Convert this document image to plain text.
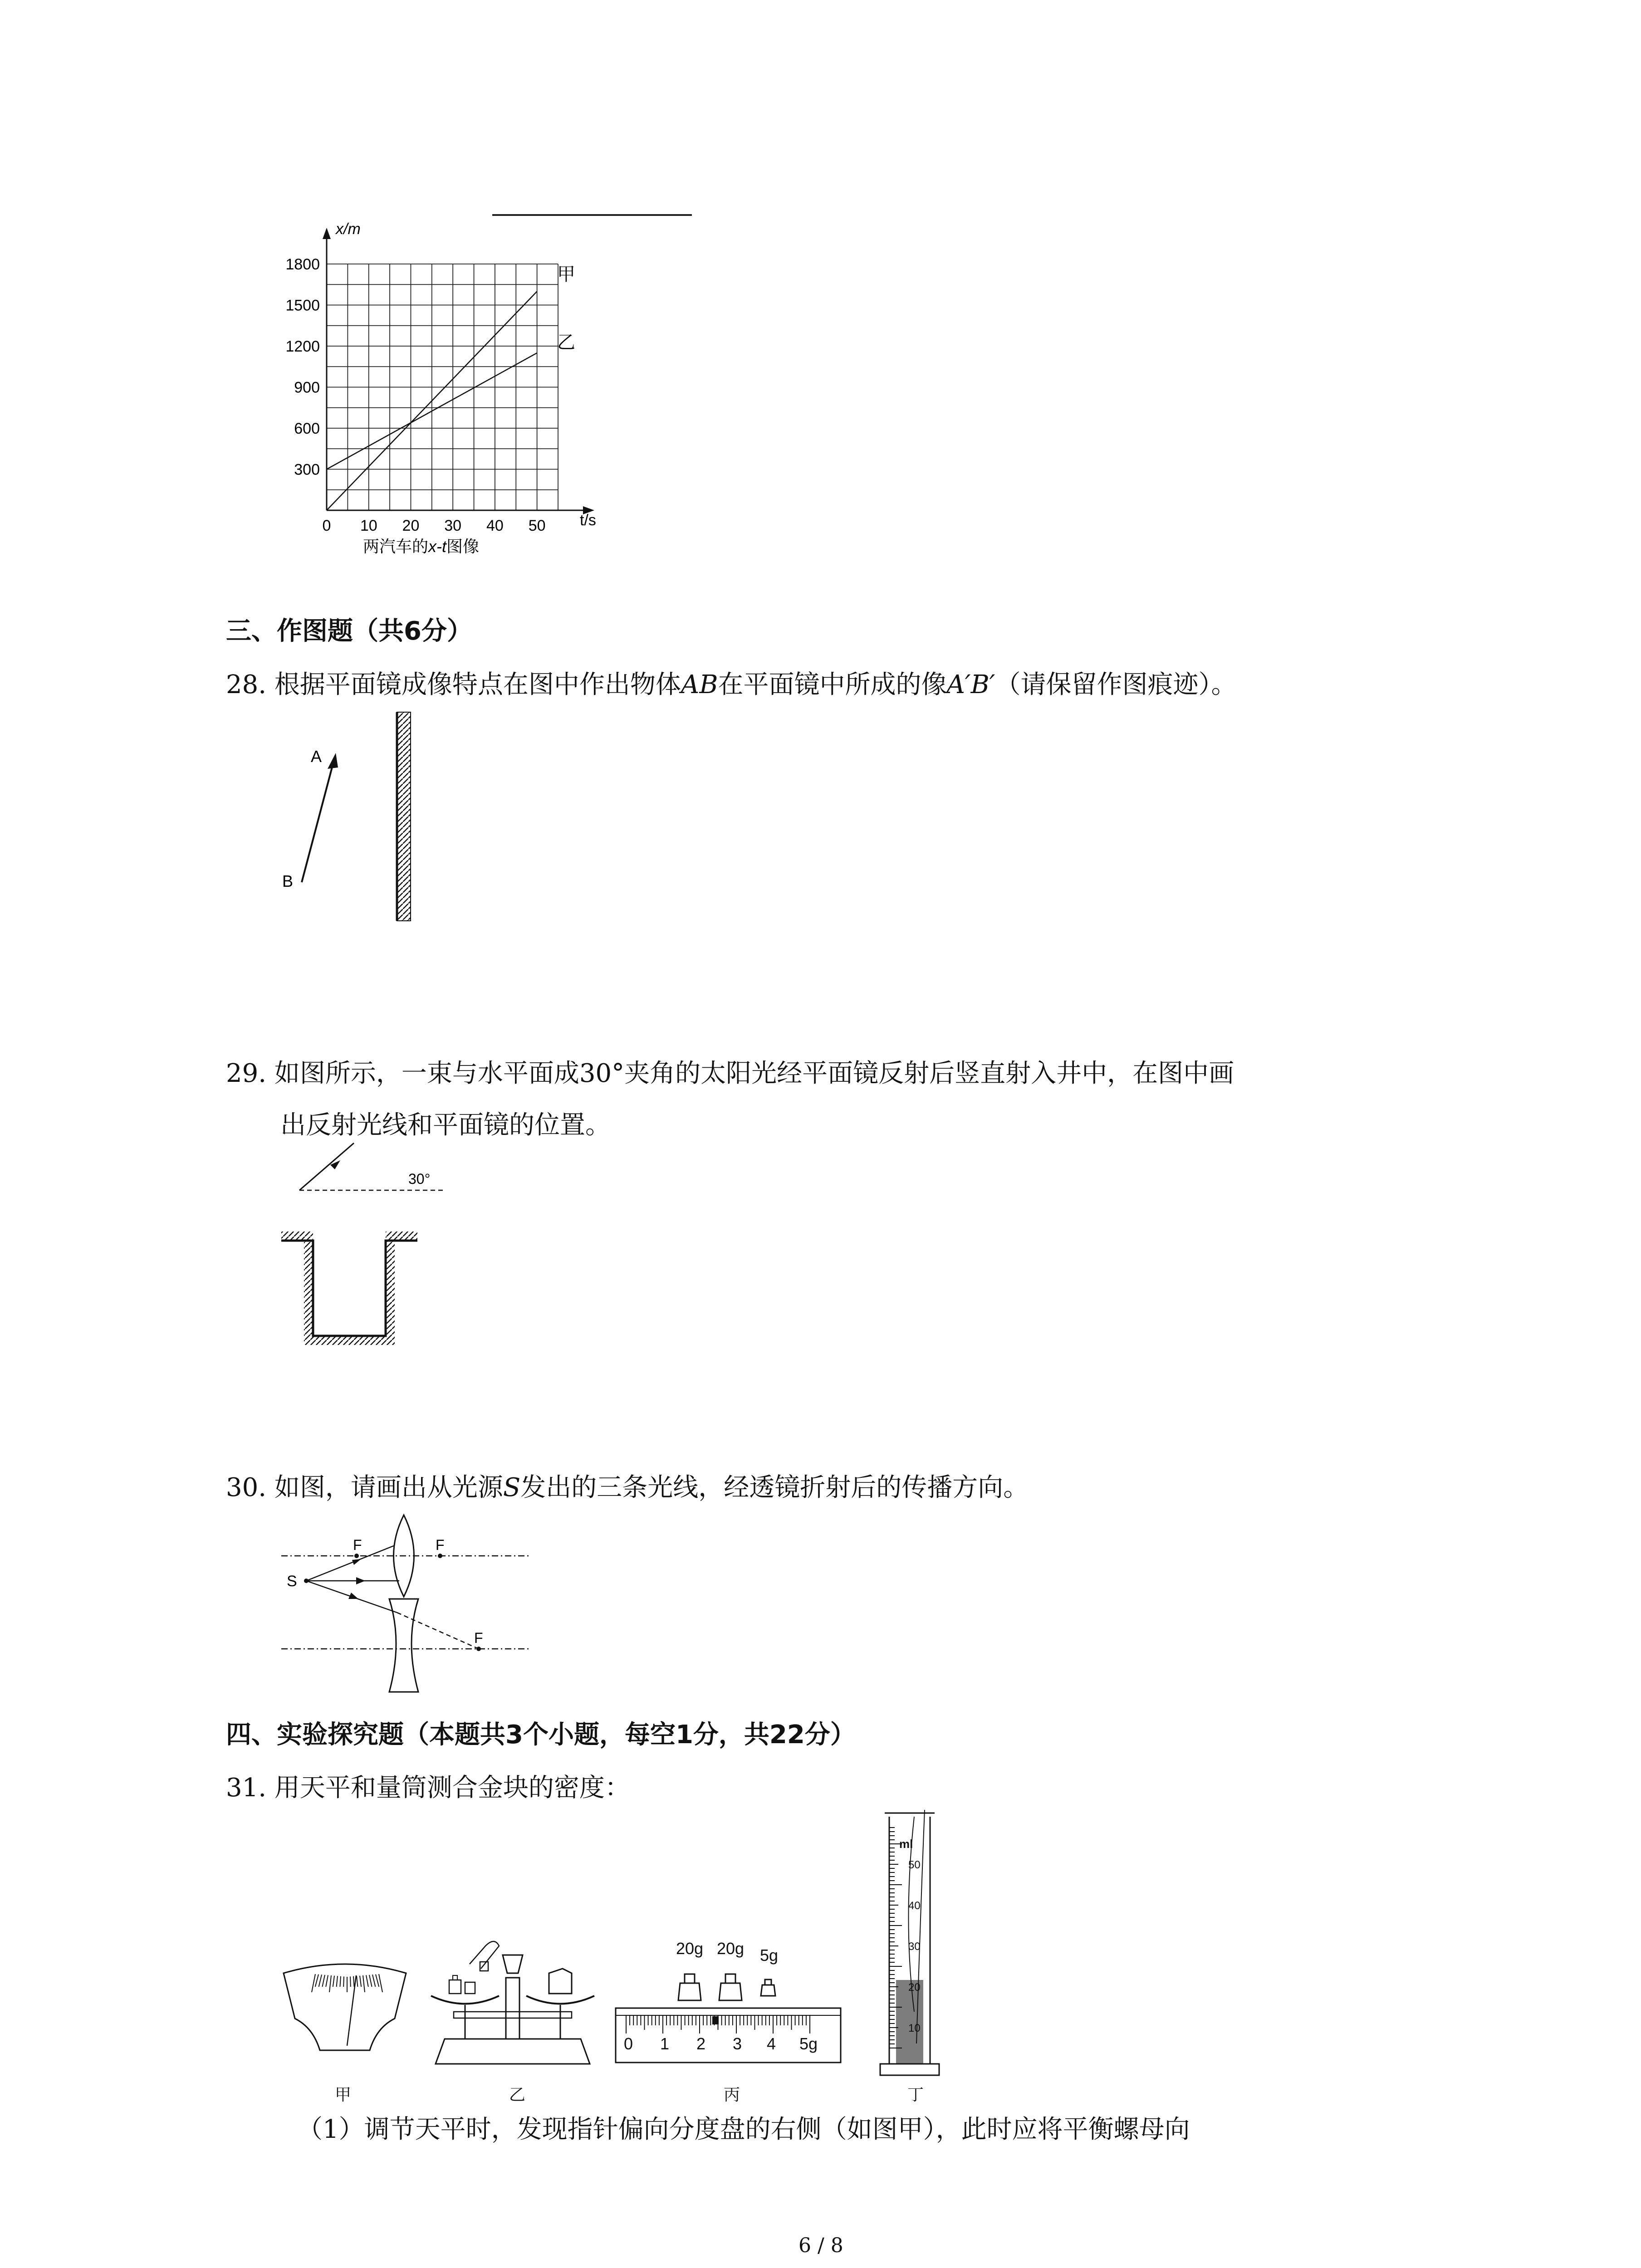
0 10 20 30 40 50
300
600
900
1200
1500
1800
x/m
t/s
甲
乙
两汽车的x-t图像
三、作图题（共6分）
28. 根据平面镜成像特点在图中作出物体AB在平面镜中所成的像A′B′（请保留作图痕迹）。
A
B
29. 如图所示，一束与水平面成30°夹角的太阳光经平面镜反射后竖直射入井中，在图中画
出反射光线和平面镜的位置。
30°
30. 如图，请画出从光源S发出的三条光线，经透镜折射后的传播方向。
S
F	F
F
四、实验探究题（本题共3个小题，每空1分，共22分）
31. 用天平和量筒测合金块的密度：
20g 20g 5g
0 1 2 3 4 5g
ml
50
40
30
20
10
甲	乙	丙	丁
（1）调节天平时，发现指针偏向分度盘的右侧（如图甲），此时应将平衡螺母向
6 / 8
